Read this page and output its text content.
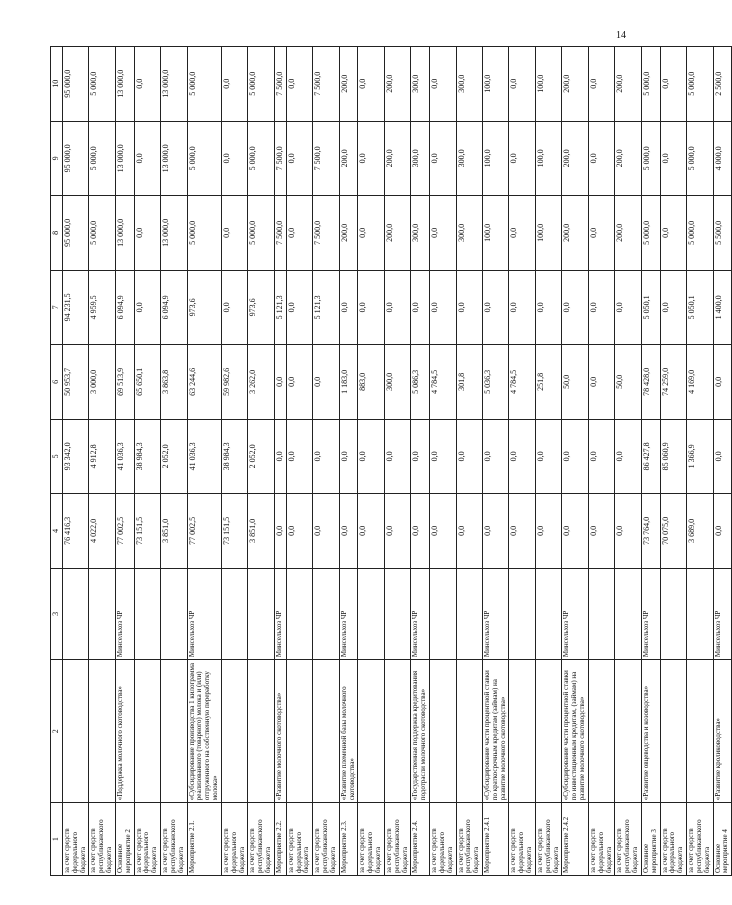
14
1	2	3	4	5	6	7	8	9	10
за счет средств федерального бюджета			76 416,3	93 342,0	50 953,7	94 231,5	95 000,0	95 000,0	95 000,0
за счет средств республиканского бюджета			4 022,0	4 912,8	3 000,0	4 959,5	5 000,0	5 000,0	5 000,0
Основное мероприятие 2	«Поддержка молочного скотоводства»	Минсельхоз ЧР	77 002,5	41 036,3	69 513,9	6 094,9	13 000,0	13 000,0	13 000,0
за счет средств федерального бюджета			73 151,5	38 984,3	65 650,1	0,0	0,0	0,0	0,0
за счет средств республиканского бюджета			3 851,0	2 052,0	3 863,8	6 094,9	13 000,0	13 000,0	13 000,0
Мероприятие 2.1.	«Субсидирование производства 1 килограмма реализованного (товарного) молока и (или) отгруженного на собственную переработку молока»	Минсельхоз ЧР	77 002,5	41 036,3	63 244,6	973,6	5 000,0	5 000,0	5 000,0
за счет средств федерального бюджета			73 151,5	38 984,3	59 982,6	0,0	0,0	0,0	0,0
за счет средств республиканского бюджета			3 851,0	2 052,0	3 262,0	973,6	5 000,0	5 000,0	5 000,0
Мероприятие 2.2.	«Развитие молочного скотоводства»	Минсельхоз ЧР	0,0	0,0	0,0	5 121,3	7 500,0	7 500,0	7 500,0
за счет средств федерального бюджета			0,0	0,0	0,0	0,0	0,0	0,0	0,0
за счет средств республиканского бюджета			0,0	0,0	0,0	5 121,3	7 500,0	7 500,0	7 500,0
Мероприятие 2.3.	«Развитие племенной базы молочного скотоводства»	Минсельхоз ЧР	0,0	0,0	1 183,0	0,0	200,0	200,0	200,0
за счет средств федерального бюджета			0,0	0,0	883,0	0,0	0,0	0,0	0,0
за счет средств республиканского бюджета			0,0	0,0	300,0	0,0	200,0	200,0	200,0
Мероприятие 2.4.	«Государственная поддержка кредитования подотрасли молочного скотоводства»	Минсельхоз ЧР	0,0	0,0	5 086,3	0,0	300,0	300,0	300,0
за счет средств федерального бюджета			0,0	0,0	4 784,5	0,0	0,0	0,0	0,0
за счет средств республиканского бюджета			0,0	0,0	301,8	0,0	300,0	300,0	300,0
Мероприятие 2.4.1	«Субсидирование части процентной ставки по краткосрочным кредитам (займам) на развитие молочного скотоводства»	Минсельхоз ЧР	0,0	0,0	5 036,3	0,0	100,0	100,0	100,0
за счет средств федерального бюджета			0,0	0,0	4 784,5	0,0	0,0	0,0	0,0
за счет средств республиканского бюджета			0,0	0,0	251,8	0,0	100,0	100,0	100,0
Мероприятие 2.4.2	«Субсидирование части процентной ставки по инвестиционным кредитам, (займам) на развитие молочного скотоводства»	Минсельхоз ЧР	0,0	0,0	50,0	0,0	200,0	200,0	200,0
за счет средств федерального бюджета			0,0	0,0	0,0	0,0	0,0	0,0	0,0
за счет средств республиканского бюджета			0,0	0,0	50,0	0,0	200,0	200,0	200,0
Основное мероприятие 3	«Развитие овцеводства и козоводства»	Минсельхоз ЧР	73 764,0	86 427,8	78 428,0	5 050,1	5 000,0	5 000,0	5 000,0
за счет средств федерального бюджета			70 075,0	85 060,9	74 259,0	0,0	0,0	0,0	0,0
за счет средств республиканского бюджета			3 689,0	1 366,9	4 169,0	5 050,1	5 000,0	5 000,0	5 000,0
Основное мероприятие 4	«Развитие кролиководства»	Минсельхоз ЧР	0,0	0,0	0,0	1 400,0	5 500,0	4 000,0	2 500,0
